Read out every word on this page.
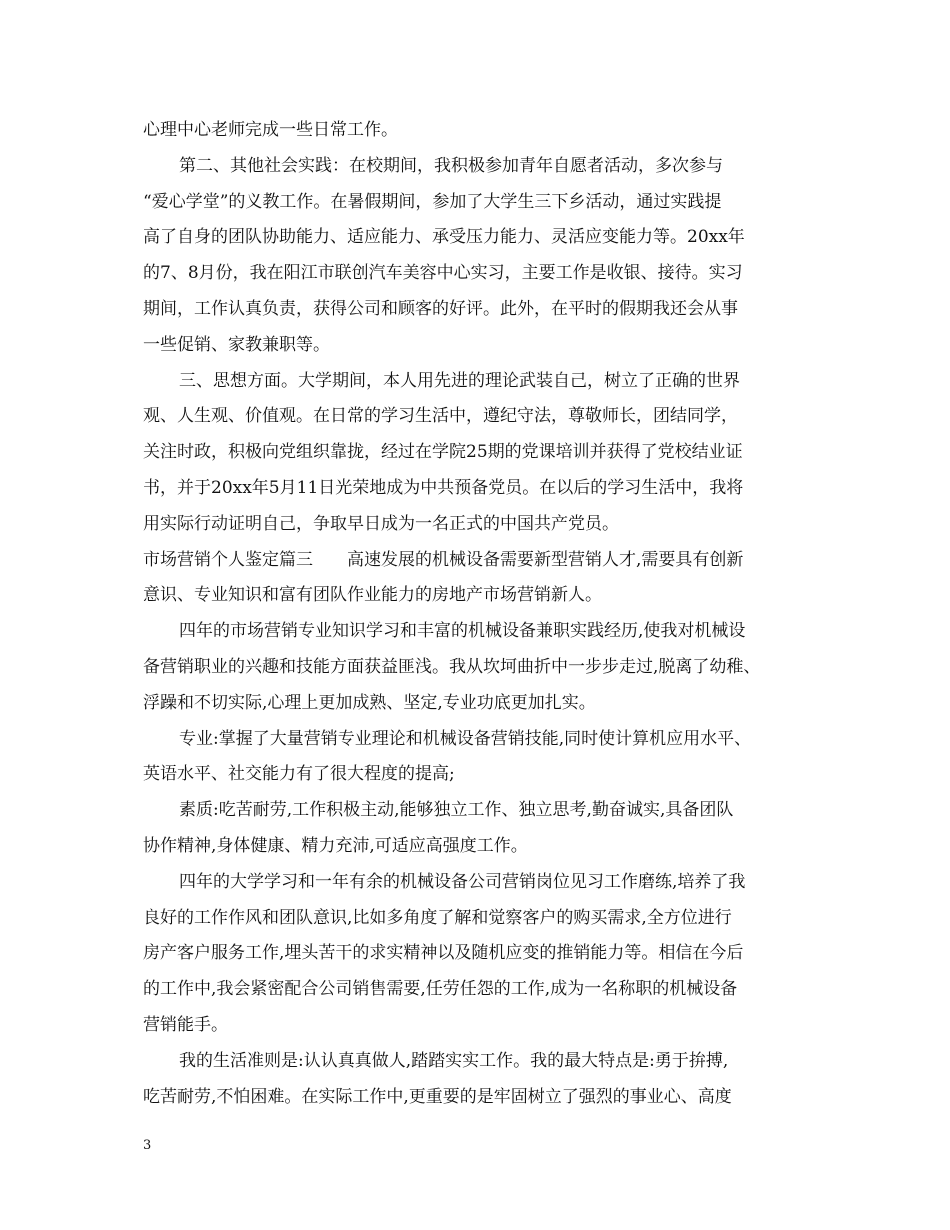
心理中心老师完成一些日常工作。
第二、其他社会实践：在校期间，我积极参加青年自愿者活动，多次参与
“爱心学堂”的义教工作。在暑假期间，参加了大学生三下乡活动，通过实践提
高了自身的团队协助能力、适应能力、承受压力能力、灵活应变能力等。20xx年
的7、8月份，我在阳江市联创汽车美容中心实习，主要工作是收银、接待。实习
期间，工作认真负责，获得公司和顾客的好评。此外，在平时的假期我还会从事
一些促销、家教兼职等。
三、思想方面。大学期间，本人用先进的理论武装自己，树立了正确的世界
观、人生观、价值观。在日常的学习生活中，遵纪守法，尊敬师长，团结同学，
关注时政，积极向党组织靠拢，经过在学院25期的党课培训并获得了党校结业证
书，并于20xx年5月11日光荣地成为中共预备党员。在以后的学习生活中，我将
用实际行动证明自己，争取早日成为一名正式的中国共产党员。
市场营销个人鉴定篇三　　高速发展的机械设备需要新型营销人才,需要具有创新
意识、专业知识和富有团队作业能力的房地产市场营销新人。
四年的市场营销专业知识学习和丰富的机械设备兼职实践经历,使我对机械设
备营销职业的兴趣和技能方面获益匪浅。我从坎坷曲折中一步步走过,脱离了幼稚、
浮躁和不切实际,心理上更加成熟、坚定,专业功底更加扎实。
专业:掌握了大量营销专业理论和机械设备营销技能,同时使计算机应用水平、
英语水平、社交能力有了很大程度的提高;
素质:吃苦耐劳,工作积极主动,能够独立工作、独立思考,勤奋诚实,具备团队
协作精神,身体健康、精力充沛,可适应高强度工作。
四年的大学学习和一年有余的机械设备公司营销岗位见习工作磨练,培养了我
良好的工作作风和团队意识,比如多角度了解和觉察客户的购买需求,全方位进行
房产客户服务工作,埋头苦干的求实精神以及随机应变的推销能力等。相信在今后
的工作中,我会紧密配合公司销售需要,任劳任怨的工作,成为一名称职的机械设备
营销能手。
我的生活准则是:认认真真做人,踏踏实实工作。我的最大特点是:勇于拚搏,
吃苦耐劳,不怕困难。在实际工作中,更重要的是牢固树立了强烈的事业心、高度
3
